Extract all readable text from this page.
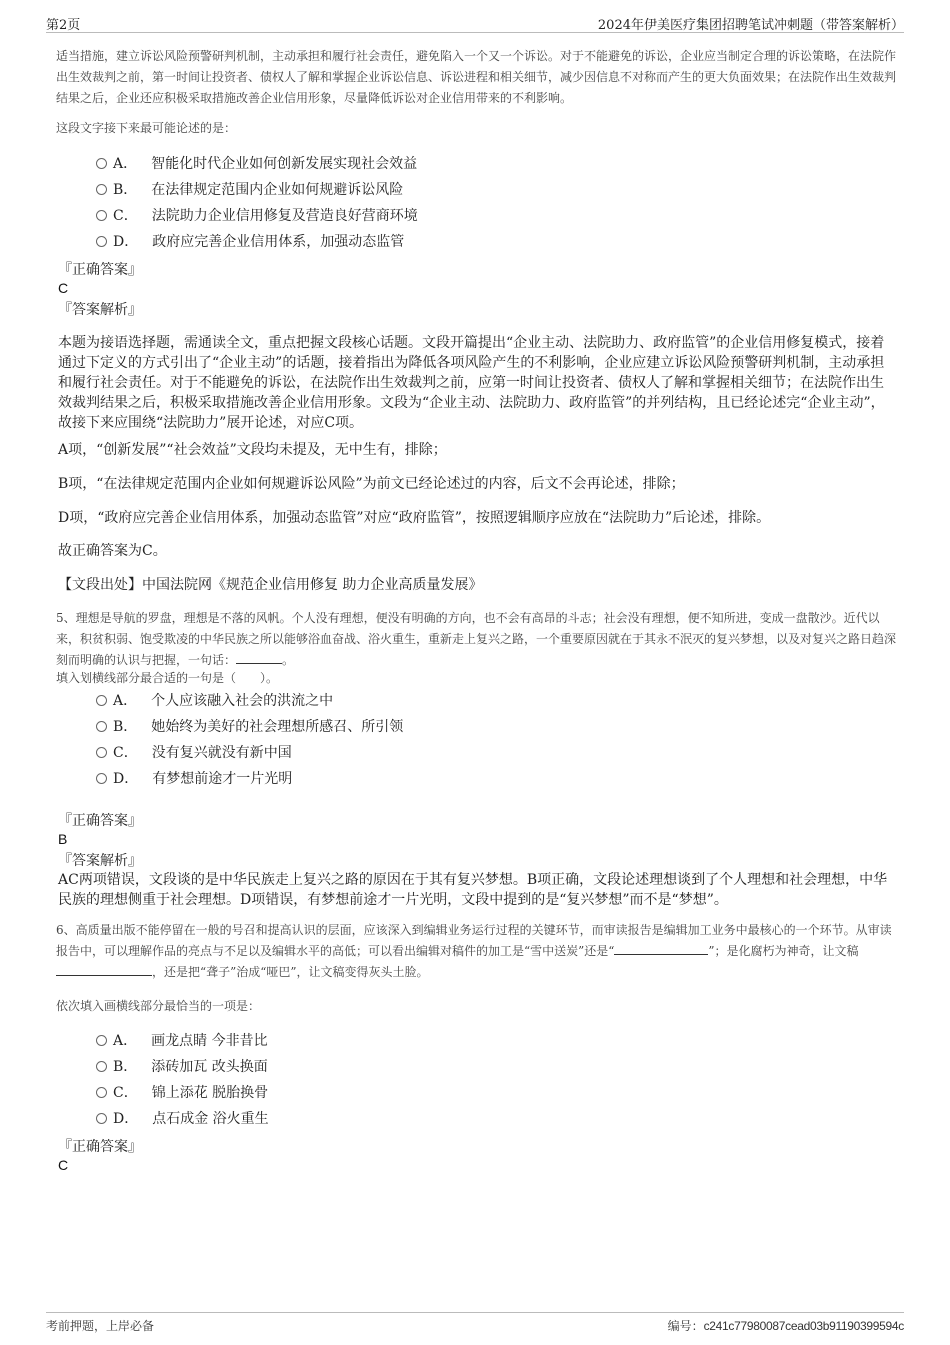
第2页	2024年伊美医疗集团招聘笔试冲刺题（带答案解析）

适当措施，建立诉讼风险预警研判机制，主动承担和履行社会责任，避免陷入一个又一个诉讼。对于不能避免的诉讼，企业应当制定合理的诉讼策略，在法院作出生效裁判之前，第一时间让投资者、债权人了解和掌握企业诉讼信息、诉讼进程和相关细节，减少因信息不对称而产生的更大负面效果；在法院作出生效裁判结果之后，企业还应积极采取措施改善企业信用形象，尽量降低诉讼对企业信用带来的不利影响。

这段文字接下来最可能论述的是：

A． 智能化时代企业如何创新发展实现社会效益
B． 在法律规定范围内企业如何规避诉讼风险
C． 法院助力企业信用修复及营造良好营商环境
D． 政府应完善企业信用体系，加强动态监管
『正确答案』
C
『答案解析』

本题为接语选择题，需通读全文，重点把握文段核心话题。文段开篇提出“企业主动、法院助力、政府监管”的企业信用修复模式，接着通过下定义的方式引出了“企业主动”的话题，接着指出为降低各项风险产生的不利影响，企业应建立诉讼风险预警研判机制，主动承担和履行社会责任。对于不能避免的诉讼，在法院作出生效裁判之前，应第一时间让投资者、债权人了解和掌握相关细节；在法院作出生效裁判结果之后，积极采取措施改善企业信用形象。文段为“企业主动、法院助力、政府监管”的并列结构，且已经论述完“企业主动”，故接下来应围绕“法院助力”展开论述，对应C项。

A项，“创新发展”“社会效益”文段均未提及，无中生有，排除；

B项，“在法律规定范围内企业如何规避诉讼风险”为前文已经论述过的内容，后文不会再论述，排除；

D项，“政府应完善企业信用体系，加强动态监管”对应“政府监管”，按照逻辑顺序应放在“法院助力”后论述，排除。

故正确答案为C。

【文段出处】中国法院网《规范企业信用修复 助力企业高质量发展》

5、理想是导航的罗盘，理想是不落的风帆。个人没有理想，便没有明确的方向，也不会有高昂的斗志；社会没有理想，便不知所进，变成一盘散沙。近代以来，积贫积弱、饱受欺凌的中华民族之所以能够浴血奋战、浴火重生，重新走上复兴之路，一个重要原因就在于其永不泯灭的复兴梦想，以及对复兴之路日趋深刻而明确的认识与把握，一句话：	。

填入划横线部分最合适的一句是（　　）。

A． 个人应该融入社会的洪流之中
B． 她始终为美好的社会理想所感召、所引领
C． 没有复兴就没有新中国
D． 有梦想前途才一片光明
『正确答案』
B
『答案解析』

AC两项错误，文段谈的是中华民族走上复兴之路的原因在于其有复兴梦想。B项正确，文段论述理想谈到了个人理想和社会理想，中华民族的理想侧重于社会理想。D项错误，有梦想前途才一片光明，文段中提到的是“复兴梦想”而不是“梦想”。

6、高质量出版不能停留在一般的号召和提高认识的层面，应该深入到编辑业务运行过程的关键环节，而审读报告是编辑加工业务中最核心的一个环节。从审读报告中，可以理解作品的亮点与不足以及编辑水平的高低；可以看出编辑对稿件的加工是“雪中送炭”还是“	”；是化腐朽为神奇，让文稿，还是把“聋子”治成“哑巴”，让文稿变得灰头土脸。

依次填入画横线部分最恰当的一项是：

A． 画龙点睛 今非昔比
B． 添砖加瓦 改头换面
C． 锦上添花 脱胎换骨
D． 点石成金 浴火重生
『正确答案』
C
考前押题，上岸必备	编号：c241c77980087cead03b91190399594c
